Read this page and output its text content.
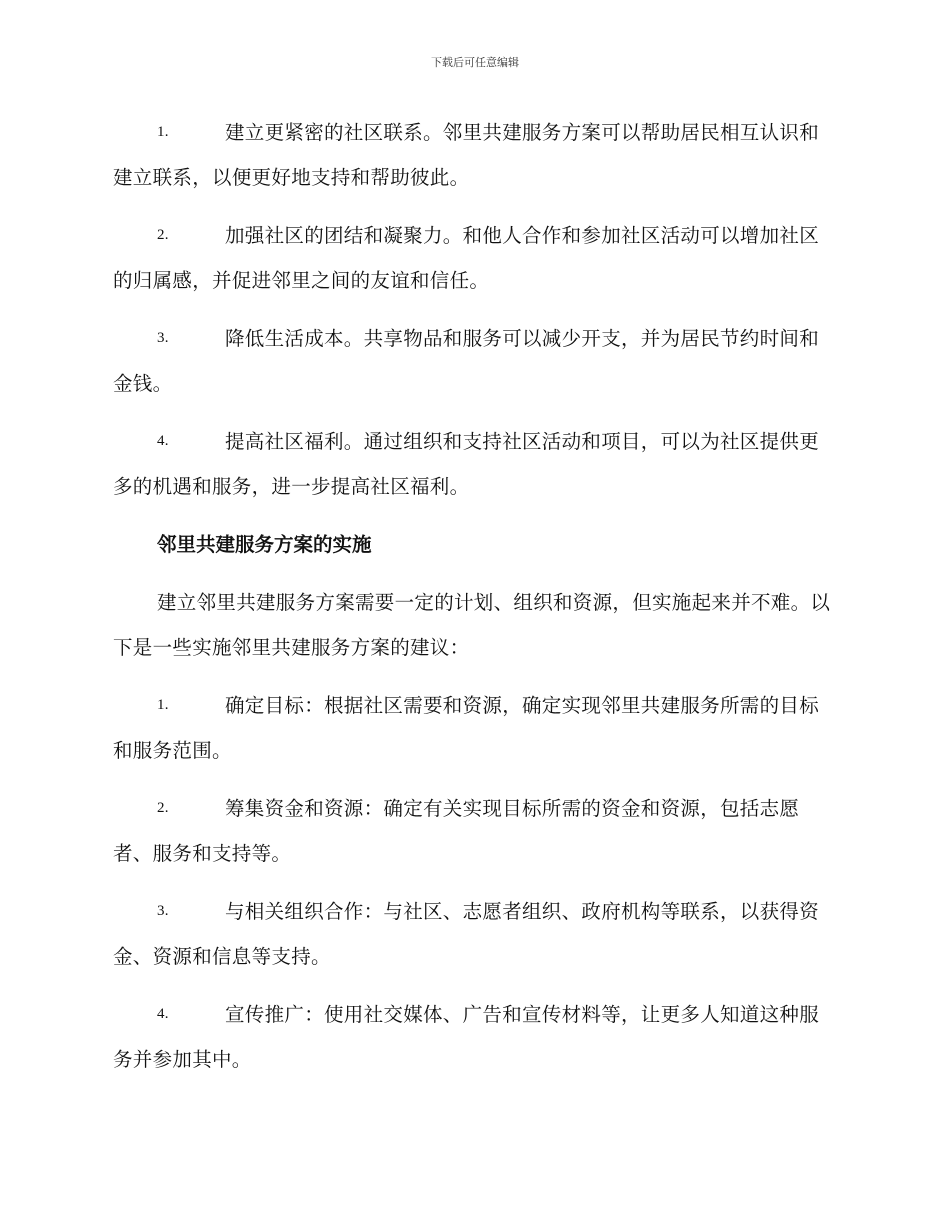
下载后可任意编辑

1.	建立更紧密的社区联系。邻里共建服务方案可以帮助居民相互认识和建立联系，以便更好地支持和帮助彼此。

2.	加强社区的团结和凝聚力。和他人合作和参加社区活动可以增加社区的归属感，并促进邻里之间的友谊和信任。

3.	降低生活成本。共享物品和服务可以减少开支，并为居民节约时间和金钱。

4.	提高社区福利。通过组织和支持社区活动和项目，可以为社区提供更多的机遇和服务，进一步提高社区福利。

邻里共建服务方案的实施

建立邻里共建服务方案需要一定的计划、组织和资源，但实施起来并不难。以下是一些实施邻里共建服务方案的建议：

1.	确定目标：根据社区需要和资源，确定实现邻里共建服务所需的目标和服务范围。

2.	筹集资金和资源：确定有关实现目标所需的资金和资源，包括志愿者、服务和支持等。

3.	与相关组织合作：与社区、志愿者组织、政府机构等联系，以获得资金、资源和信息等支持。

4.	宣传推广：使用社交媒体、广告和宣传材料等，让更多人知道这种服务并参加其中。
